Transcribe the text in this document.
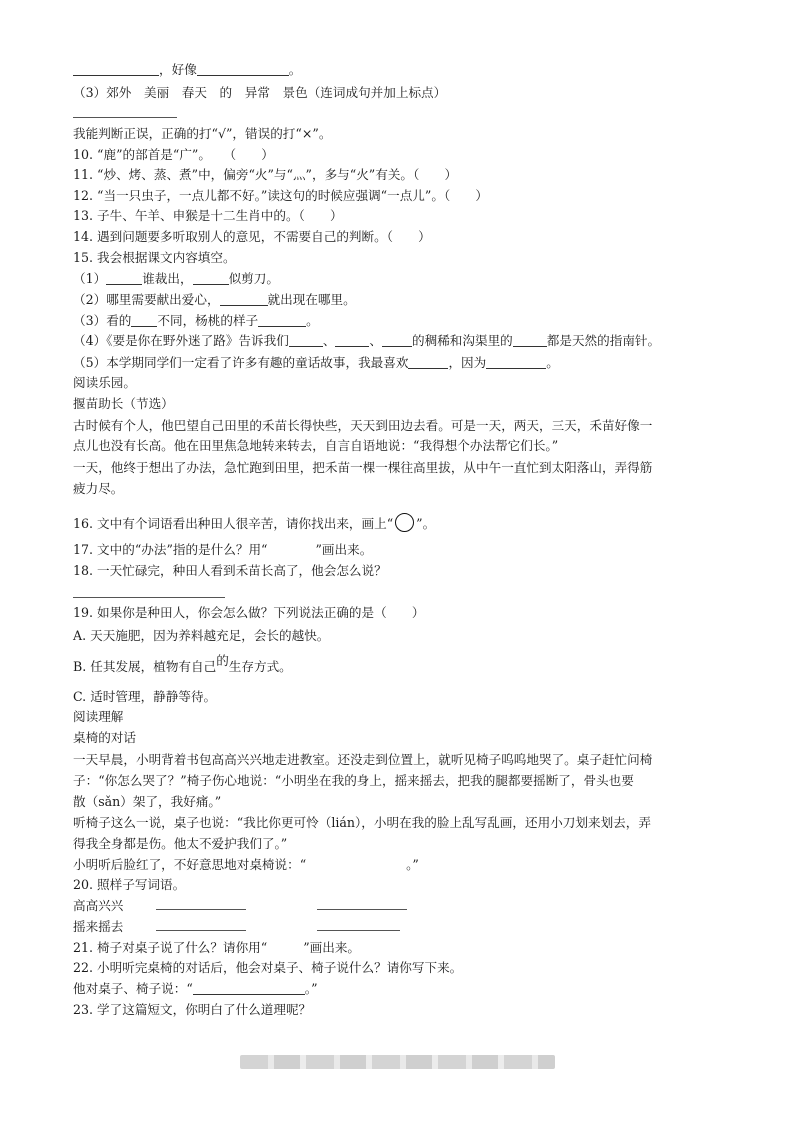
，好像	。
（3）郊外　美丽　春天　的　异常　景色（连词成句并加上标点）
我能判断正误，正确的打“√”，错误的打“×”。
10. “鹿”的部首是“广”。　　（　　）
11. “炒、烤、蒸、煮”中，偏旁“火”与“灬”，多与“火”有关。（　　）
12. “当一只虫子，一点儿都不好。”读这句的时候应强调“一点儿”。（　　）
13. 子牛、午羊、申猴是十二生肖中的。（　　）
14. 遇到问题要多听取别人的意见，不需要自己的判断。（　　）
15. 我会根据课文内容填空。
（1）	谁裁出，	似剪刀。
（2）哪里需要献出爱心，	就出现在哪里。
（3）看的 不同，杨桃的样子	。
（4）《要是你在野外迷了路》告诉我们	、	、 的稠稀和沟渠里的	都是天然的指南针。
（5）本学期同学们一定看了许多有趣的童话故事，我最喜欢	，因为	。
阅读乐园。
揠苗助长（节选）
古时候有个人，他巴望自己田里的禾苗长得快些，天天到田边去看。可是一天，两天，三天，禾苗好像一
点儿也没有长高。他在田里焦急地转来转去，自言自语地说：“我得想个办法帮它们长。”
一天，他终于想出了办法，急忙跑到田里，把禾苗一棵一棵往高里拔，从中午一直忙到太阳落山，弄得筋
疲力尽。
16. 文中有个词语看出种田人很辛苦，请你找出来，画上“ ○ ”。
17. 文中的“办法”指的是什么？用“	”画出来。
18. 一天忙碌完，种田人看到禾苗长高了，他会怎么说？
19. 如果你是种田人，你会怎么做？下列说法正确的是（　　）
A. 天天施肥，因为养料越充足，会长的越快。
B. 任其发展，植物有自己的生存方式。
C. 适时管理，静静等待。
阅读理解
桌椅的对话
一天早晨，小明背着书包高高兴兴地走进教室。还没走到位置上，就听见椅子呜呜地哭了。桌子赶忙问椅
子：“你怎么哭了？”椅子伤心地说：“小明坐在我的身上，摇来摇去，把我的腿都要摇断了，骨头也要
散（sǎn）架了，我好痛。”
听椅子这么一说，桌子也说：“我比你更可怜（lián），小明在我的脸上乱写乱画，还用小刀划来划去，弄
得我全身都是伤。他太不爱护我们了。”
小明听后脸红了，不好意思地对桌椅说：“	。”
20. 照样子写词语。
高高兴兴
摇来摇去
21. 椅子对桌子说了什么？请你用“	”画出来。
22. 小明听完桌椅的对话后，他会对桌子、椅子说什么？请你写下来。
他对桌子、椅子说：“	。”
23. 学了这篇短文，你明白了什么道理呢？
